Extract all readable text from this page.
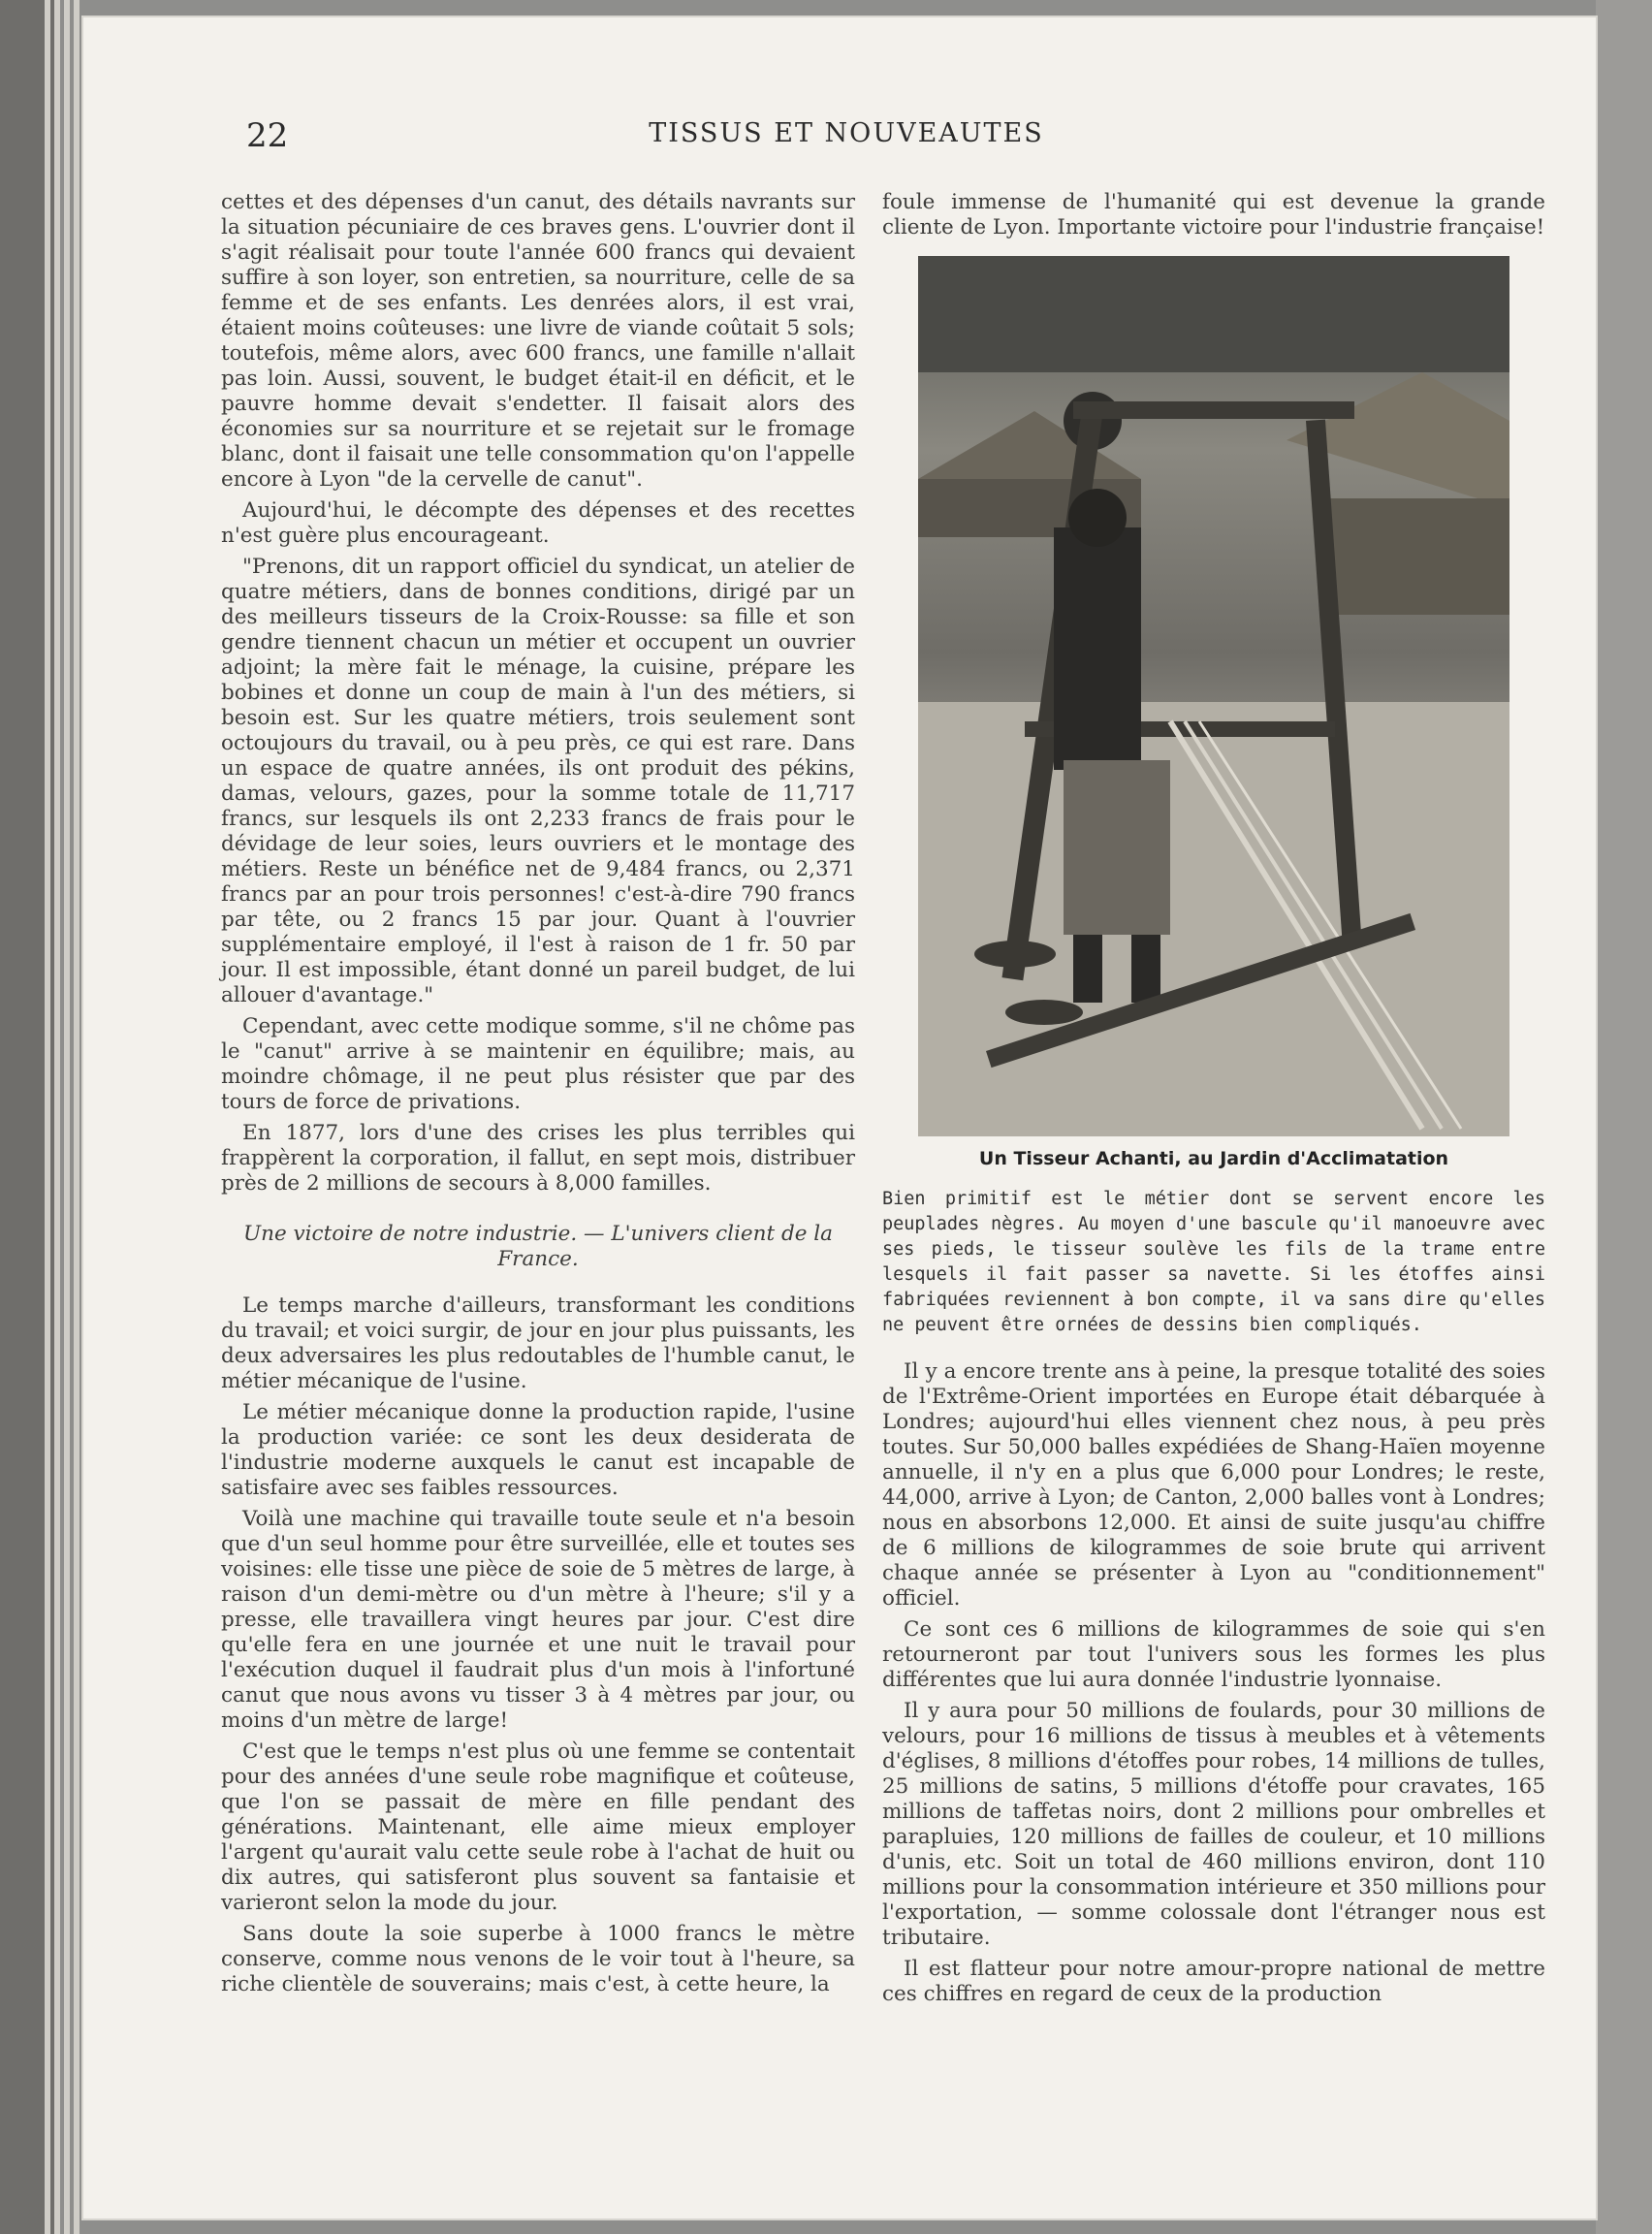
22	TISSUS ET NOUVEAUTES

cettes et des dépenses d'un canut, des détails navrants sur la situation pécuniaire de ces braves gens. L'ouvrier dont il s'agit réalisait pour toute l'année 600 francs qui devaient suffire à son loyer, son entretien, sa nourriture, celle de sa femme et de ses enfants. Les denrées alors, il est vrai, étaient moins coûteuses: une livre de viande coûtait 5 sols; toutefois, même alors, avec 600 francs, une famille n'allait pas loin. Aussi, souvent, le budget était-il en déficit, et le pauvre homme devait s'endetter. Il faisait alors des économies sur sa nourriture et se rejetait sur le fromage blanc, dont il faisait une telle consommation qu'on l'appelle encore à Lyon "de la cervelle de canut".

Aujourd'hui, le décompte des dépenses et des recettes n'est guère plus encourageant.

"Prenons, dit un rapport officiel du syndicat, un atelier de quatre métiers, dans de bonnes conditions, dirigé par un des meilleurs tisseurs de la Croix-Rousse: sa fille et son gendre tiennent chacun un métier et occupent un ouvrier adjoint; la mère fait le ménage, la cuisine, prépare les bobines et donne un coup de main à l'un des métiers, si besoin est. Sur les quatre métiers, trois seulement sont octoujours du travail, ou à peu près, ce qui est rare. Dans un espace de quatre années, ils ont produit des pékins, damas, velours, gazes, pour la somme totale de 11,717 francs, sur lesquels ils ont 2,233 francs de frais pour le dévidage de leur soies, leurs ouvriers et le montage des métiers. Reste un bénéfice net de 9,484 francs, ou 2,371 francs par an pour trois personnes! c'est-à-dire 790 francs par tête, ou 2 francs 15 par jour. Quant à l'ouvrier supplémentaire employé, il l'est à raison de 1 fr. 50 par jour. Il est impossible, étant donné un pareil budget, de lui allouer d'avantage."

Cependant, avec cette modique somme, s'il ne chôme pas le "canut" arrive à se maintenir en équilibre; mais, au moindre chômage, il ne peut plus résister que par des tours de force de privations.

En 1877, lors d'une des crises les plus terribles qui frappèrent la corporation, il fallut, en sept mois, distribuer près de 2 millions de secours à 8,000 familles.

Une victoire de notre industrie. — L'univers client de la France.

Le temps marche d'ailleurs, transformant les conditions du travail; et voici surgir, de jour en jour plus puissants, les deux adversaires les plus redoutables de l'humble canut, le métier mécanique de l'usine.

Le métier mécanique donne la production rapide, l'usine la production variée: ce sont les deux desiderata de l'industrie moderne auxquels le canut est incapable de satisfaire avec ses faibles ressources.

Voilà une machine qui travaille toute seule et n'a besoin que d'un seul homme pour être surveillée, elle et toutes ses voisines: elle tisse une pièce de soie de 5 mètres de large, à raison d'un demi-mètre ou d'un mètre à l'heure; s'il y a presse, elle travaillera vingt heures par jour. C'est dire qu'elle fera en une journée et une nuit le travail pour l'exécution duquel il faudrait plus d'un mois à l'infortuné canut que nous avons vu tisser 3 à 4 mètres par jour, ou moins d'un mètre de large!

C'est que le temps n'est plus où une femme se contentait pour des années d'une seule robe magnifique et coûteuse, que l'on se passait de mère en fille pendant des générations. Maintenant, elle aime mieux employer l'argent qu'aurait valu cette seule robe à l'achat de huit ou dix autres, qui satisferont plus souvent sa fantaisie et varieront selon la mode du jour.

Sans doute la soie superbe à 1000 francs le mètre conserve, comme nous venons de le voir tout à l'heure, sa riche clientèle de souverains; mais c'est, à cette heure, la

foule immense de l'humanité qui est devenue la grande cliente de Lyon. Importante victoire pour l'industrie française!

Un Tisseur Achanti, au Jardin d'Acclimatation
Bien primitif est le métier dont se servent encore les peuplades nègres. Au moyen d'une bascule qu'il manoeuvre avec ses pieds, le tisseur soulève les fils de la trame entre lesquels il fait passer sa navette. Si les étoffes ainsi fabriquées reviennent à bon compte, il va sans dire qu'elles ne peuvent être ornées de dessins bien compliqués.

Il y a encore trente ans à peine, la presque totalité des soies de l'Extrême-Orient importées en Europe était débarquée à Londres; aujourd'hui elles viennent chez nous, à peu près toutes. Sur 50,000 balles expédiées de Shang-Haïen moyenne annuelle, il n'y en a plus que 6,000 pour Londres; le reste, 44,000, arrive à Lyon; de Canton, 2,000 balles vont à Londres; nous en absorbons 12,000. Et ainsi de suite jusqu'au chiffre de 6 millions de kilogrammes de soie brute qui arrivent chaque année se présenter à Lyon au "conditionnement" officiel.

Ce sont ces 6 millions de kilogrammes de soie qui s'en retourneront par tout l'univers sous les formes les plus différentes que lui aura donnée l'industrie lyonnaise.

Il y aura pour 50 millions de foulards, pour 30 millions de velours, pour 16 millions de tissus à meubles et à vêtements d'églises, 8 millions d'étoffes pour robes, 14 millions de tulles, 25 millions de satins, 5 millions d'étoffe pour cravates, 165 millions de taffetas noirs, dont 2 millions pour ombrelles et parapluies, 120 millions de failles de couleur, et 10 millions d'unis, etc. Soit un total de 460 millions environ, dont 110 millions pour la consommation intérieure et 350 millions pour l'exportation, — somme colossale dont l'étranger nous est tributaire.

Il est flatteur pour notre amour-propre national de mettre ces chiffres en regard de ceux de la production
